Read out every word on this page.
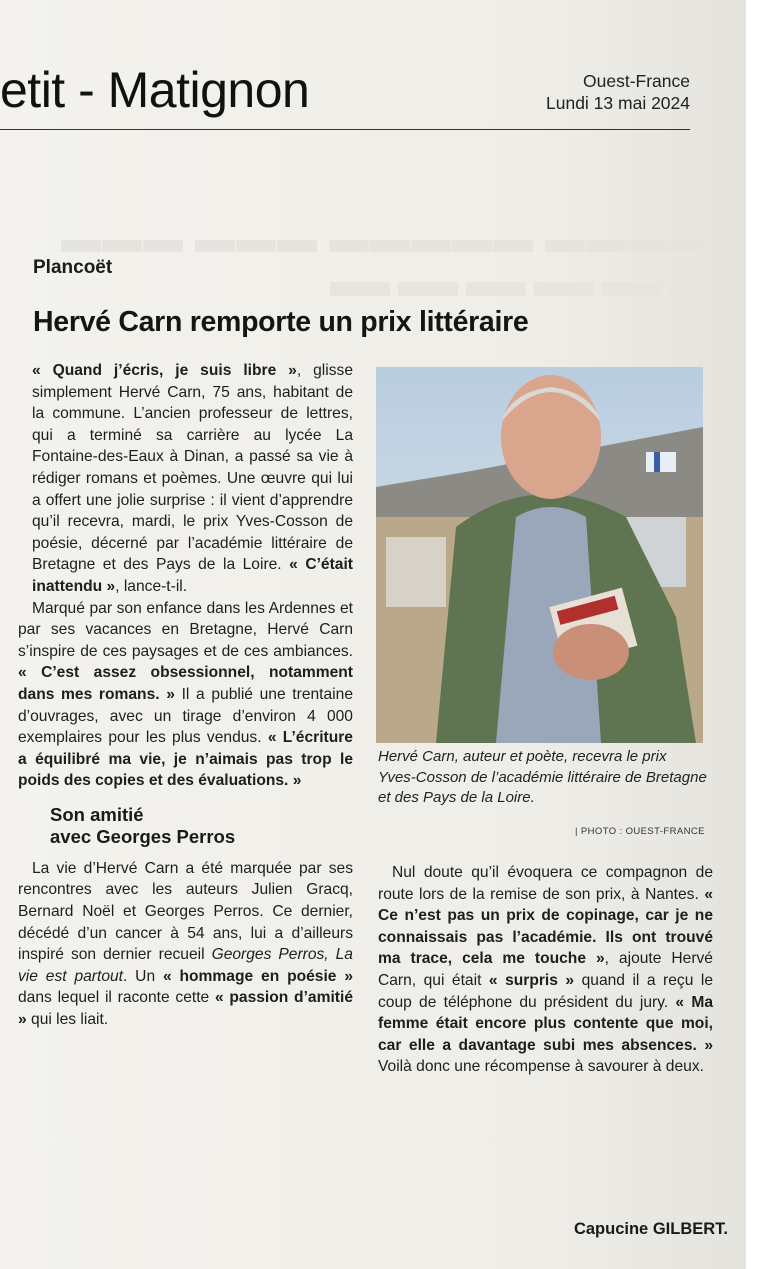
etit - Matignon	Ouest-France
Lundi 13 mai 2024
▬▬▬▬ ▬▬▬▬▬ ▬▬▬ ▬▬▬
Plancoët
Hervé Carn remporte un prix littéraire

« Quand j’écris, je suis libre », glisse simplement Hervé Carn, 75 ans, habitant de la commune. L’ancien professeur de lettres, qui a terminé sa carrière au lycée La Fontaine-des-Eaux à Dinan, a passé sa vie à rédiger romans et poèmes. Une œuvre qui lui a offert une jolie surprise : il vient d’apprendre qu’il recevra, mardi, le prix Yves-Cosson de poésie, décerné par l’académie littéraire de Bretagne et des Pays de la Loire. « C’était inattendu », lance-t-il.

Marqué par son enfance dans les Ardennes et par ses vacances en Bretagne, Hervé Carn s’inspire de ces paysages et de ces ambiances. « C’est assez obsessionnel, notamment dans mes romans. » Il a publié une trentaine d’ouvrages, avec un tirage d’environ 4 000 exemplaires pour les plus vendus. « L’écriture a équilibré ma vie, je n’aimais pas trop le poids des copies et des évaluations. »

Son amitié
avec Georges Perros

La vie d’Hervé Carn a été marquée par ses rencontres avec les auteurs Julien Gracq, Bernard Noël et Georges Perros. Ce dernier, décédé d’un cancer à 54 ans, lui a d’ailleurs inspiré son dernier recueil Georges Perros, La vie est partout. Un « hommage en poésie » dans lequel il raconte cette « passion d’amitié » qui les liait.

Hervé Carn, auteur et poète, recevra le prix Yves-Cosson de l’académie littéraire de Bretagne et des Pays de la Loire.
| PHOTO : OUEST-FRANCE

Nul doute qu’il évoquera ce compagnon de route lors de la remise de son prix, à Nantes. « Ce n’est pas un prix de copinage, car je ne connaissais pas l’académie. Ils ont trouvé ma trace, cela me touche », ajoute Hervé Carn, qui était « surpris » quand il a reçu le coup de téléphone du président du jury. « Ma femme était encore plus contente que moi, car elle a davantage subi mes absences. » Voilà donc une récompense à savourer à deux.

Capucine GILBERT.
